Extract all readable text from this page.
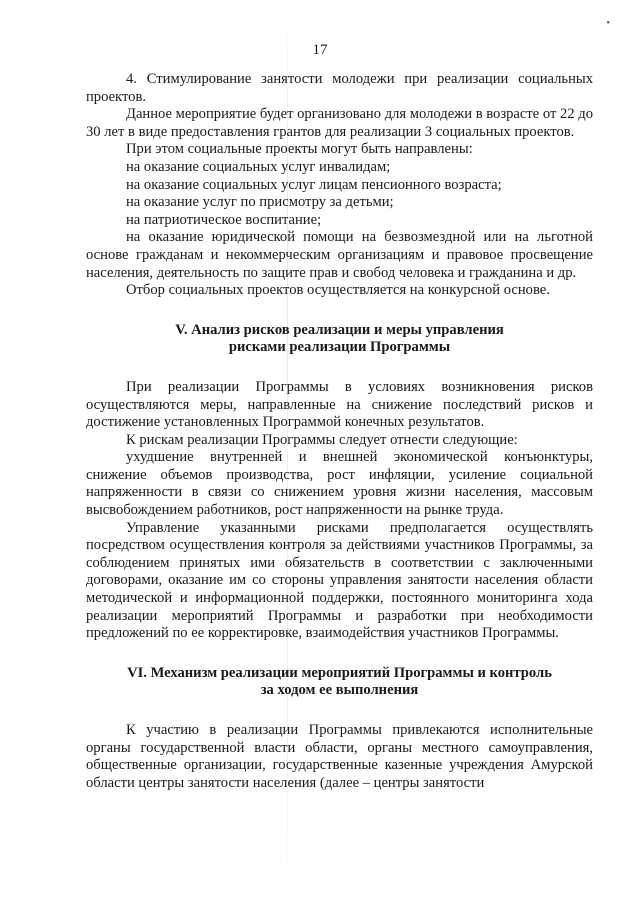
•
17

4. Стимулирование занятости молодежи при реализации социальных проектов.

Данное мероприятие будет организовано для молодежи в возрасте от 22 до 30 лет в виде предоставления грантов для реализации 3 социальных проектов.

При этом социальные проекты могут быть направлены:

на оказание социальных услуг инвалидам;

на оказание социальных услуг лицам пенсионного возраста;

на оказание услуг по присмотру за детьми;

на патриотическое воспитание;

на оказание юридической помощи на безвозмездной или на льготной основе гражданам и некоммерческим организациям и правовое просвещение населения, деятельность по защите прав и свобод человека и гражданина и др.

Отбор социальных проектов осуществляется на конкурсной основе.

V. Анализ рисков реализации и меры управления

рисками реализации Программы

При реализации Программы в условиях возникновения рисков осуществляются меры, направленные на снижение последствий рисков и достижение установленных Программой конечных результатов.

К рискам реализации Программы следует отнести следующие:

ухудшение внутренней и внешней экономической конъюнктуры, снижение объемов производства, рост инфляции, усиление социальной напряженности в связи со снижением уровня жизни населения, массовым высвобождением работников, рост напряженности на рынке труда.

Управление указанными рисками предполагается осуществлять посредством осуществления контроля за действиями участников Программы, за соблюдением принятых ими обязательств в соответствии с заключенными договорами, оказание им со стороны управления занятости населения области методической и информационной поддержки, постоянного мониторинга хода реализации мероприятий Программы и разработки при необходимости предложений по ее корректировке, взаимодействия участников Программы.

VI. Механизм реализации мероприятий Программы и контроль

за ходом ее выполнения

К участию в реализации Программы привлекаются исполнительные органы государственной власти области, органы местного самоуправления, общественные организации, государственные казенные учреждения Амурской области центры занятости населения (далее – центры занятости
